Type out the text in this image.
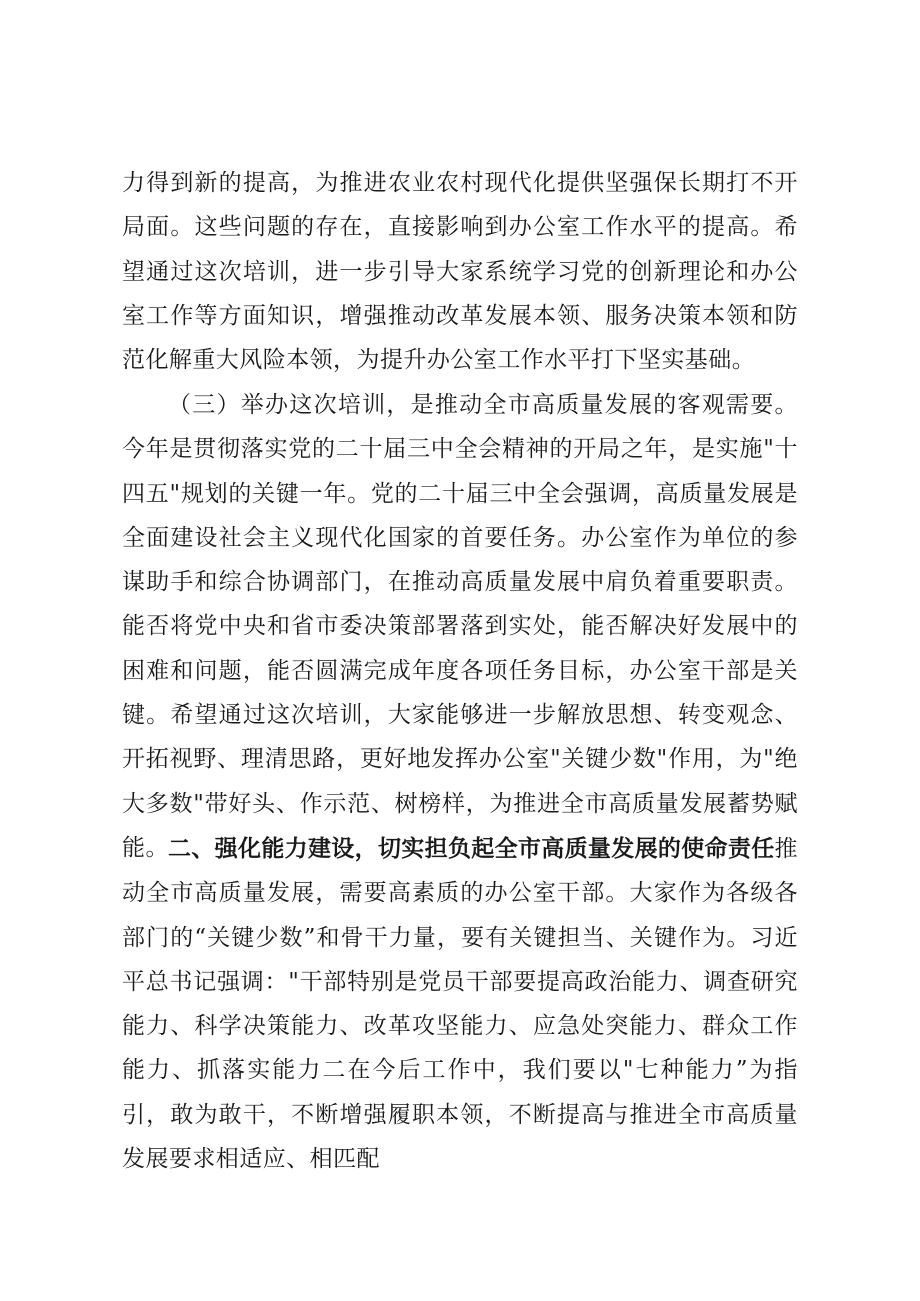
力得到新的提高，为推进农业农村现代化提供坚强保长期打不开局面。这些问题的存在，直接影响到办公室工作水平的提高。希望通过这次培训，进一步引导大家系统学习党的创新理论和办公室工作等方面知识，增强推动改革发展本领、服务决策本领和防范化解重大风险本领，为提升办公室工作水平打下坚实基础。

（三）举办这次培训，是推动全市高质量发展的客观需要。今年是贯彻落实党的二十届三中全会精神的开局之年，是实施"十四五"规划的关键一年。党的二十届三中全会强调，高质量发展是全面建设社会主义现代化国家的首要任务。办公室作为单位的参谋助手和综合协调部门，在推动高质量发展中肩负着重要职责。能否将党中央和省市委决策部署落到实处，能否解决好发展中的困难和问题，能否圆满完成年度各项任务目标，办公室干部是关键。希望通过这次培训，大家能够进一步解放思想、转变观念、开拓视野、理清思路，更好地发挥办公室"关键少数"作用，为"绝大多数"带好头、作示范、树榜样，为推进全市高质量发展蓄势赋能。 二、强化能力建设，切实担负起全市高质量发展的使命责任推动全市高质量发展，需要高素质的办公室干部。大家作为各级各部门的“关键少数”和骨干力量，要有关键担当、关键作为。习近平总书记强调："干部特别是党员干部要提高政治能力、调查研究能力、科学决策能力、改革攻坚能力、应急处突能力、群众工作能力、抓落实能力二在今后工作中，我们要以"七种能力”为指引，敢为敢干，不断增强履职本领，不断提高与推进全市高质量发展要求相适应、相匹配
